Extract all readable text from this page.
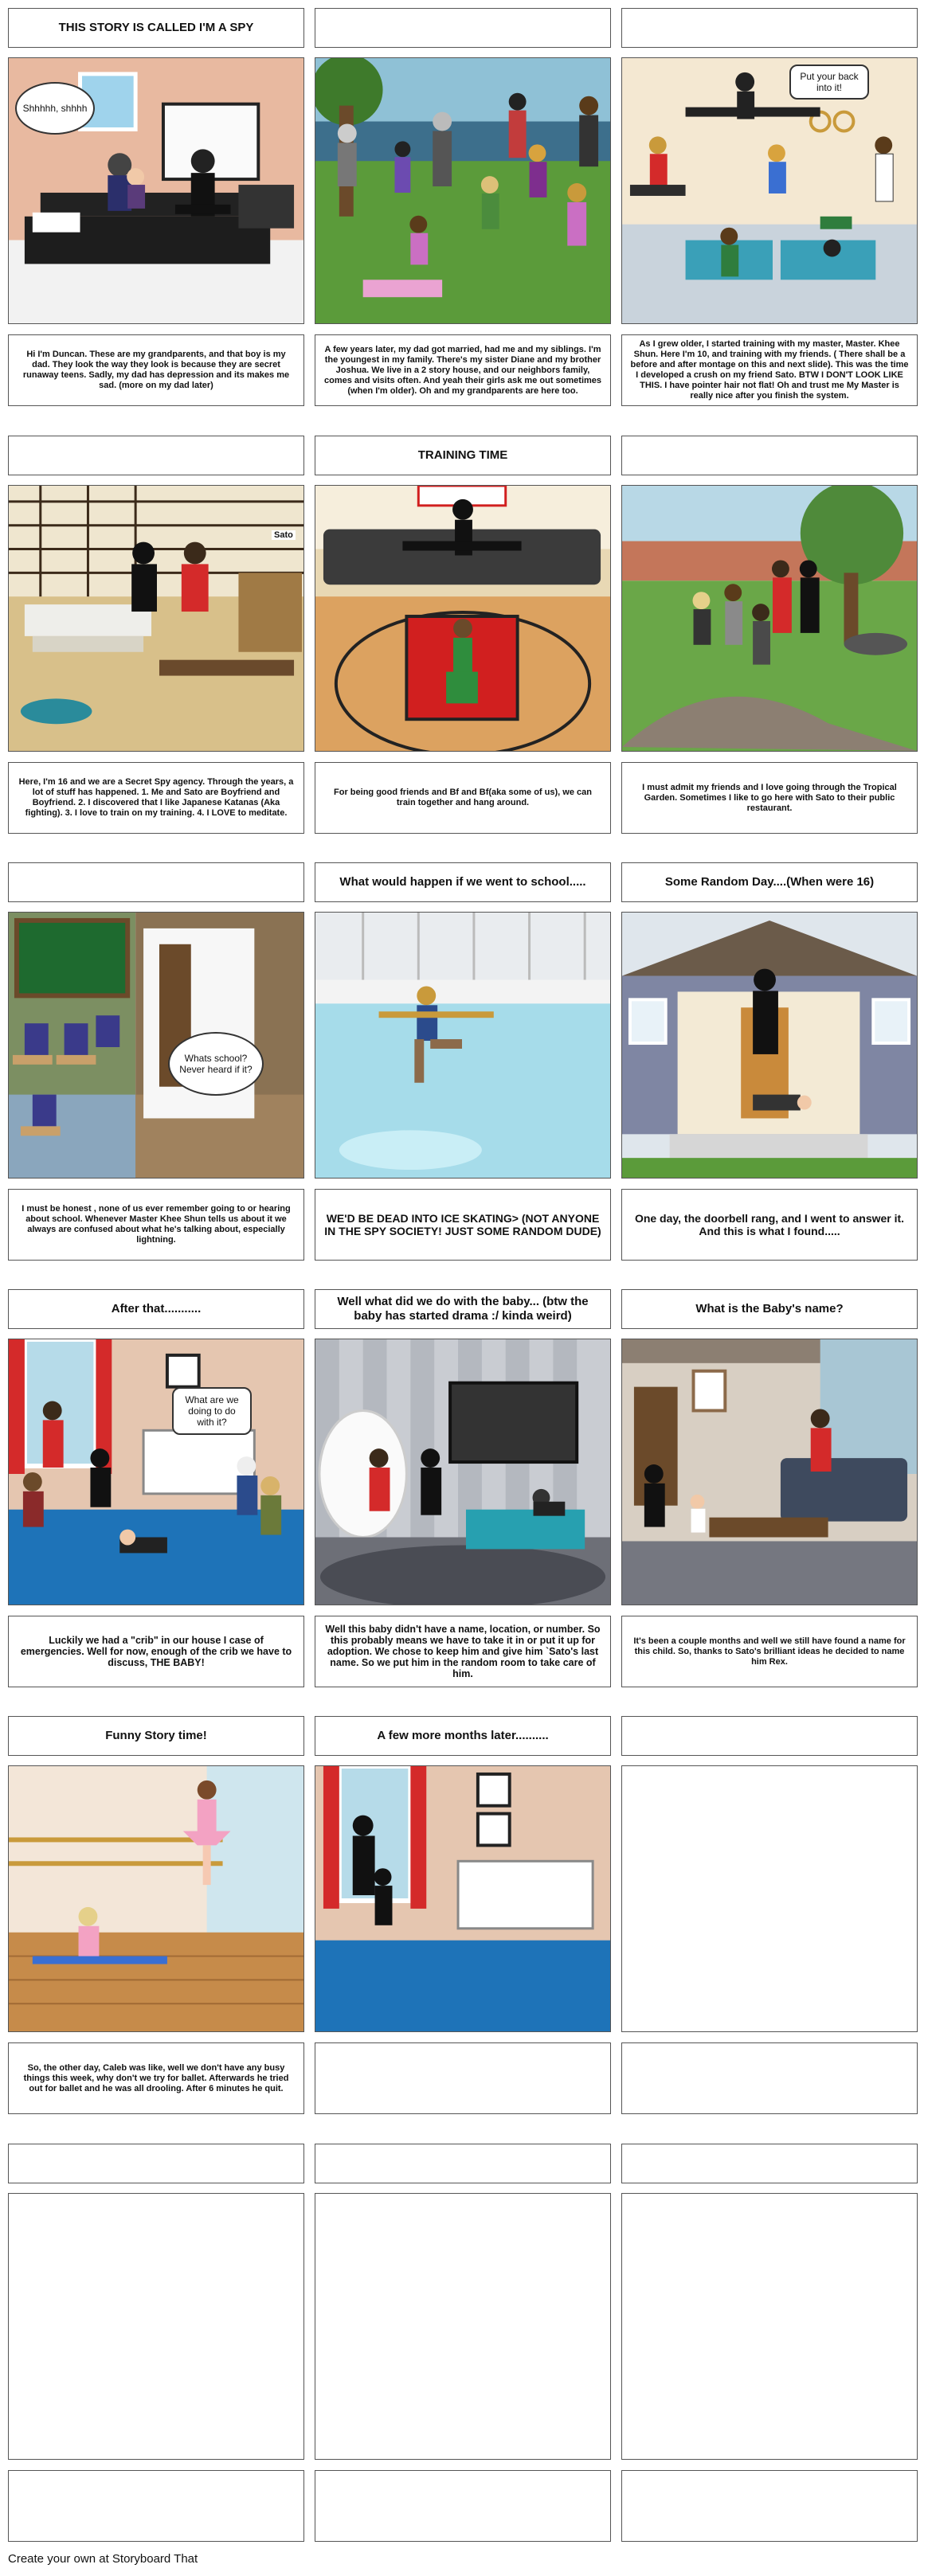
THIS STORY IS CALLED I'M A SPY
Shhhhh, shhhh
Hi I'm Duncan. These are my grandparents, and that boy is my dad. They look the way they look is because they are secret runaway teens. Sadly, my dad has depression and its makes me sad. (more on my dad later)
A few years later, my dad got married, had me and my siblings. I'm the youngest in my family. There's my sister Diane and my brother Joshua. We live in a 2 story house, and our neighbors family, comes and visits often. And yeah their girls ask me out sometimes (when I'm older). Oh and my grandparents are here too.
Put your back into it!
As I grew older, I started training with my master, Master. Khee Shun. Here I'm 10, and training with my friends. ( There shall be a before and after montage on this and next slide). This was the time I developed a crush on my friend Sato. BTW I DON'T LOOK LIKE THIS. I have pointer hair not flat! Oh and trust me My Master is really nice after you finish the system.
Sato
Here, I'm 16 and we are a Secret Spy agency. Through the years, a lot of stuff has happened. 1. Me and Sato are Boyfriend and Boyfriend. 2. I discovered that I like Japanese Katanas (Aka fighting). 3. I love to train on my training. 4. I LOVE to meditate.
TRAINING TIME
For being good friends and Bf and Bf(aka some of us), we can train together and hang around.
I must admit my friends and I love going through the Tropical Garden. Sometimes I like to go here with Sato to their public restaurant.
Whats school? Never heard if it?
I must be honest , none of us ever remember going to or hearing about school. Whenever Master Khee Shun tells us about it we always are confused about what he's talking about, especially lightning.
What would happen if we went to school.....
WE'D BE DEAD INTO ICE SKATING> (NOT ANYONE IN THE SPY SOCIETY! JUST SOME RANDOM DUDE)
Some Random Day....(When were 16)
One day, the doorbell rang, and I went to answer it. And this is what I found.....
After that...........
What are we doing to do with it?
Luckily we had a "crib" in our house I case of emergencies. Well for now, enough of the crib we have to discuss, THE BABY!
Well what did we do with the baby... (btw the baby has started drama :/ kinda weird)
Well this baby didn't have a name, location, or number. So this probably means we have to take it in or put it up for adoption. We chose to keep him and give him `Sato's last name. So we put him in the random room to take care of him.
What is the Baby's name?
It's been a couple months and well we still have found a name for this child. So, thanks to Sato's brilliant ideas he decided to name him Rex.
Funny Story time!
So, the other day, Caleb was like, well we don't have any busy things this week, why don't we try for ballet. Afterwards he tried out for ballet and he was all drooling. After 6 minutes he quit.
A few more months later..........
Create your own at Storyboard That
